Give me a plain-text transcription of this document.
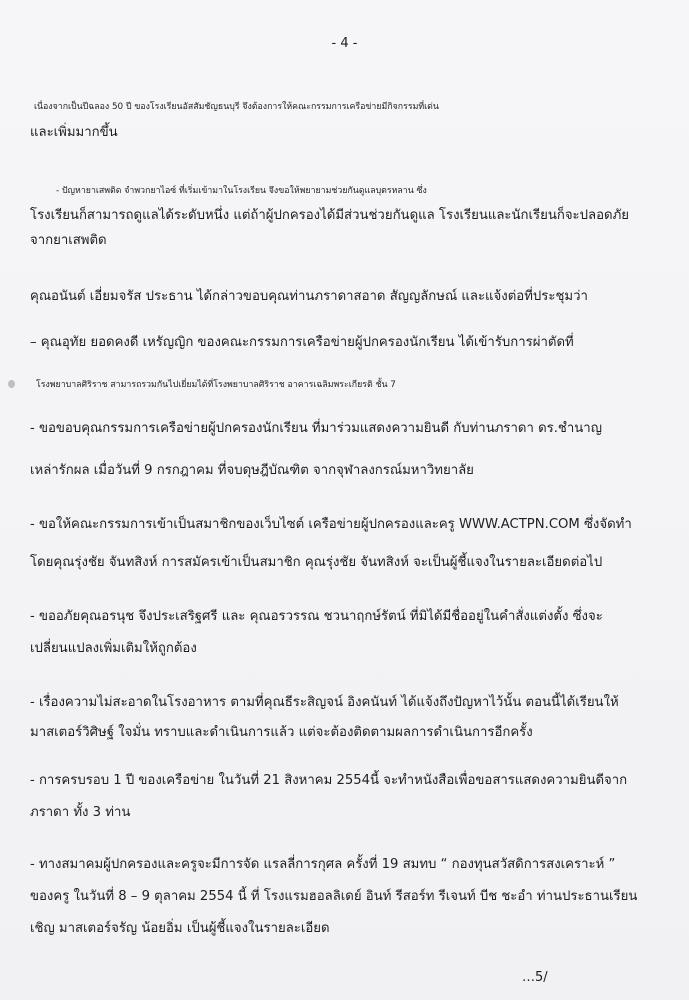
- 4 -
เนื่องจากเป็นปีฉลอง 50 ปี ของโรงเรียนอัสสัมชัญธนบุรี จึงต้องการให้คณะกรรมการเครือข่ายมีกิจกรรมที่เด่น
และเพิ่มมากขึ้น
- ปัญหายาเสพติด จำพวกยาไอซ์ ที่เริ่มเข้ามาในโรงเรียน จึงขอให้พยายามช่วยกันดูแลบุตรหลาน ซึ่ง
โรงเรียนก็สามารถดูแลได้ระดับหนึ่ง แต่ถ้าผู้ปกครองได้มีส่วนช่วยกันดูแล โรงเรียนและนักเรียนก็จะปลอดภัย
จากยาเสพติด
คุณอนันต์ เอี่ยมจรัส ประธาน ได้กล่าวขอบคุณท่านภราดาสอาด สัญญลักษณ์ และแจ้งต่อที่ประชุมว่า
– คุณอุทัย ยอดคงดี เหรัญญิก ของคณะกรรมการเครือข่ายผู้ปกครองนักเรียน ได้เข้ารับการผ่าตัดที่
โรงพยาบาลศิริราช สามารถรวมกันไปเยี่ยมได้ที่โรงพยาบาลศิริราช อาคารเฉลิมพระเกียรติ ชั้น 7
- ขอขอบคุณกรรมการเครือข่ายผู้ปกครองนักเรียน ที่มาร่วมแสดงความยินดี กับท่านภราดา ดร.ชำนาญ
เหล่ารักผล เมื่อวันที่ 9 กรกฎาคม ที่จบดุษฎีบัณฑิต จากจุฬาลงกรณ์มหาวิทยาลัย
- ขอให้คณะกรรมการเข้าเป็นสมาชิกของเว็บไซต์ เครือข่ายผู้ปกครองและครู WWW.ACTPN.COM ซึ่งจัดทำ
โดยคุณรุ่งชัย จันทสิงห์ การสมัครเข้าเป็นสมาชิก คุณรุ่งชัย จันทสิงห์ จะเป็นผู้ชี้แจงในรายละเอียดต่อไป
- ขออภัยคุณอรนุช จึงประเสริฐศรี และ คุณอรวรรณ ชวนาฤกษ์รัตน์ ที่มิได้มีชื่ออยู่ในคำสั่งแต่งตั้ง ซึ่งจะ
เปลี่ยนแปลงเพิ่มเติมให้ถูกต้อง
- เรื่องความไม่สะอาดในโรงอาหาร ตามที่คุณธีระสิญจน์ อิงคนันท์ ได้แจ้งถึงปัญหาไว้นั้น ตอนนี้ได้เรียนให้
มาสเตอร์วิศิษฐ์ ใจมั่น ทราบและดำเนินการแล้ว แต่จะต้องติดตามผลการดำเนินการอีกครั้ง
- การครบรอบ 1 ปี ของเครือข่าย ในวันที่ 21 สิงหาคม 2554นี้ จะทำหนังสือเพื่อขอสารแสดงความยินดีจาก
ภราดา ทั้ง 3 ท่าน
- ทางสมาคมผู้ปกครองและครูจะมีการจัด แรลลี่การกุศล ครั้งที่ 19 สมทบ “ กองทุนสวัสดิการสงเคราะห์ ”
ของครู ในวันที่ 8 – 9 ตุลาคม 2554 นี้ ที่ โรงแรมฮอลลิเดย์ อินท์ รีสอร์ท รีเจนท์ บีช ชะอำ ท่านประธานเรียน
เชิญ มาสเตอร์จรัญ น้อยอิ่ม เป็นผู้ชี้แจงในรายละเอียด
…5/
